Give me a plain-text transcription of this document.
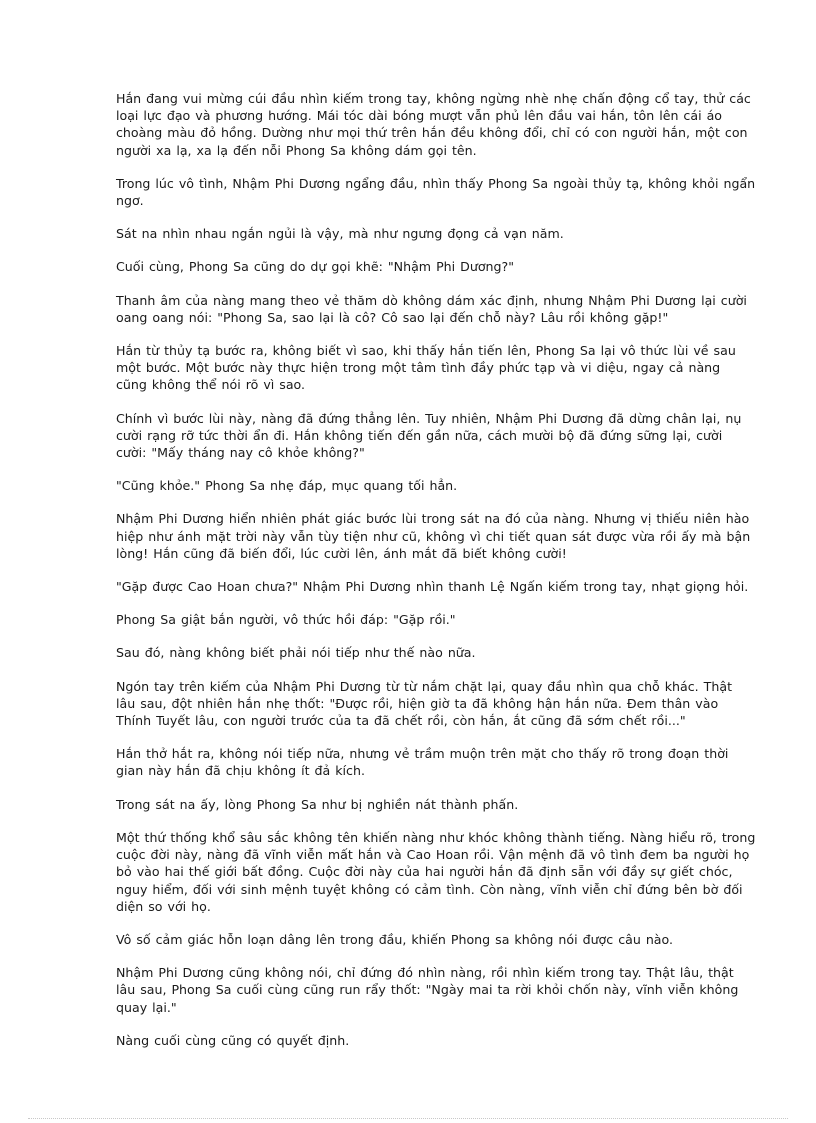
Hắn đang vui mừng cúi đầu nhìn kiếm trong tay, không ngừng nhè nhẹ chấn động cổ tay, thử các loại lực đạo và phương hướng. Mái tóc dài bóng mượt vẫn phủ lên đầu vai hắn, tôn lên cái áo choàng màu đỏ hồng. Dường như mọi thứ trên hắn đều không đổi, chỉ có con người hắn, một con người xa lạ, xa lạ đến nỗi Phong Sa không dám gọi tên.

Trong lúc vô tình, Nhậm Phi Dương ngẩng đầu, nhìn thấy Phong Sa ngoài thủy tạ, không khỏi ngẩn ngơ.

Sát na nhìn nhau ngắn ngủi là vậy, mà như ngưng đọng cả vạn năm.

Cuối cùng, Phong Sa cũng do dự gọi khẽ: "Nhậm Phi Dương?"

Thanh âm của nàng mang theo vẻ thăm dò không dám xác định, nhưng Nhậm Phi Dương lại cười oang oang nói: "Phong Sa, sao lại là cô? Cô sao lại đến chỗ này? Lâu rồi không gặp!"

Hắn từ thủy tạ bước ra, không biết vì sao, khi thấy hắn tiến lên, Phong Sa lại vô thức lùi về sau một bước. Một bước này thực hiện trong một tâm tình đầy phức tạp và vi diệu, ngay cả nàng cũng không thể nói rõ vì sao.

Chính vì bước lùi này, nàng đã đứng thẳng lên. Tuy nhiên, Nhậm Phi Dương đã dừng chân lại, nụ cười rạng rỡ tức thời ẩn đi. Hắn không tiến đến gần nữa, cách mười bộ đã đứng sững lại, cười cười: "Mấy tháng nay cô khỏe không?"

"Cũng khỏe." Phong Sa nhẹ đáp, mục quang tối hẳn.

Nhậm Phi Dương hiển nhiên phát giác bước lùi trong sát na đó của nàng. Nhưng vị thiếu niên hào hiệp như ánh mặt trời này vẫn tùy tiện như cũ, không vì chi tiết quan sát được vừa rồi ấy mà bận lòng! Hắn cũng đã biến đổi, lúc cười lên, ánh mắt đã biết không cười!

"Gặp được Cao Hoan chưa?" Nhậm Phi Dương nhìn thanh Lệ Ngấn kiếm trong tay, nhạt giọng hỏi.

Phong Sa giật bắn người, vô thức hồi đáp: "Gặp rồi."

Sau đó, nàng không biết phải nói tiếp như thế nào nữa.

Ngón tay trên kiếm của Nhậm Phi Dương từ từ nắm chặt lại, quay đầu nhìn qua chỗ khác. Thật lâu sau, đột nhiên hắn nhẹ thốt: "Được rồi, hiện giờ ta đã không hận hắn nữa. Đem thân vào Thính Tuyết lâu, con người trước của ta đã chết rồi, còn hắn, ắt cũng đã sớm chết rồi..."

Hắn thở hắt ra, không nói tiếp nữa, nhưng vẻ trầm muộn trên mặt cho thấy rõ trong đoạn thời gian này hắn đã chịu không ít đả kích.

Trong sát na ấy, lòng Phong Sa như bị nghiền nát thành phấn.

Một thứ thống khổ sâu sắc không tên khiến nàng như khóc không thành tiếng. Nàng hiểu rõ, trong cuộc đời này, nàng đã vĩnh viễn mất hắn và Cao Hoan rồi. Vận mệnh đã vô tình đem ba người họ bỏ vào hai thế giới bất đồng. Cuộc đời này của hai người hắn đã định sẵn với đầy sự giết chóc, nguy hiểm, đối với sinh mệnh tuyệt không có cảm tình. Còn nàng, vĩnh viễn chỉ đứng bên bờ đối diện so với họ.

Vô số cảm giác hỗn loạn dâng lên trong đầu, khiến Phong sa không nói được câu nào.

Nhậm Phi Dương cũng không nói, chỉ đứng đó nhìn nàng, rồi nhìn kiếm trong tay. Thật lâu, thật lâu sau, Phong Sa cuối cùng cũng run rẩy thốt: "Ngày mai ta rời khỏi chốn này, vĩnh viễn không quay lại."

Nàng cuối cùng cũng có quyết định.
